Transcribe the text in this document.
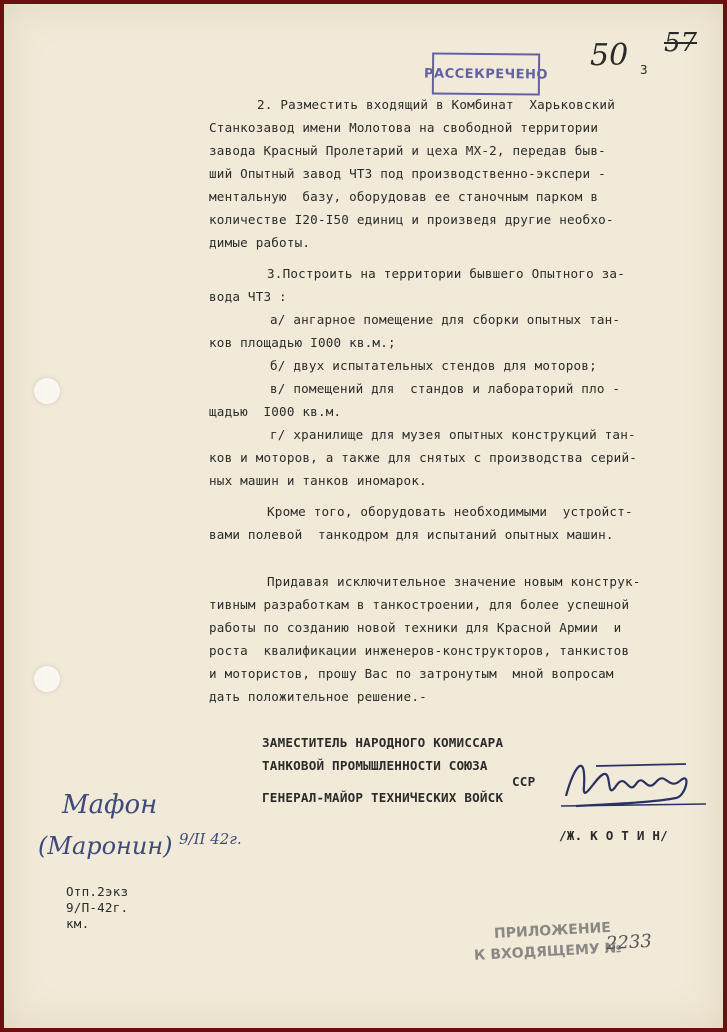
50 57
3
РАССЕКРЕЧЕНО
2. Разместить входящий в Комбинат  Харьковский
Станкозавод имени Молотова на свободной территории
завода Красный Пролетарий и цеха МХ-2, передав быв-
ший Опытный завод ЧТЗ под производственно-экспери -
ментальную  базу, оборудовав ее станочным парком в
количестве I20-I50 единиц и произведя другие необхо-
димые работы.
3.Построить на территории бывшего Опытного за-
вода ЧТЗ :
а/ ангарное помещение для сборки опытных тан-
ков площадью I000 кв.м.;
б/ двух испытательных стендов для моторов;
в/ помещений для  стандов и лабораторий пло -
щадью  I000 кв.м.
г/ хранилище для музея опытных конструкций тан-
ков и моторов, а также для снятых с производства серий-
ных машин и танков иномарок.
Кроме того, оборудовать необходимыми  устройст-
вами полевой  танкодром для испытаний опытных машин.
Придавая исключительное значение новым конструк-
тивным разработкам в танкостроении, для более успешной
работы по созданию новой техники для Красной Армии  и
роста  квалификации инженеров-конструкторов, танкистов
и мотористов, прошу Вас по затронутым  мной вопросам
дать положительное решение.-
ЗАМЕСТИТЕЛЬ НАРОДНОГО КОМИССАРА
ТАНКОВОЙ ПРОМЫШЛЕННОСТИ СОЮЗА
ССР
ГЕНЕРАЛ-МАЙОР ТЕХНИЧЕСКИХ ВОЙСК
/Ж. К О Т И Н/
Мафон
(Маронин) 9/II 42г.
Отп.2экз
9/П-42г.
км.	ПРИЛОЖЕНИЕ
К ВХОДЯЩЕМУ №
2233
